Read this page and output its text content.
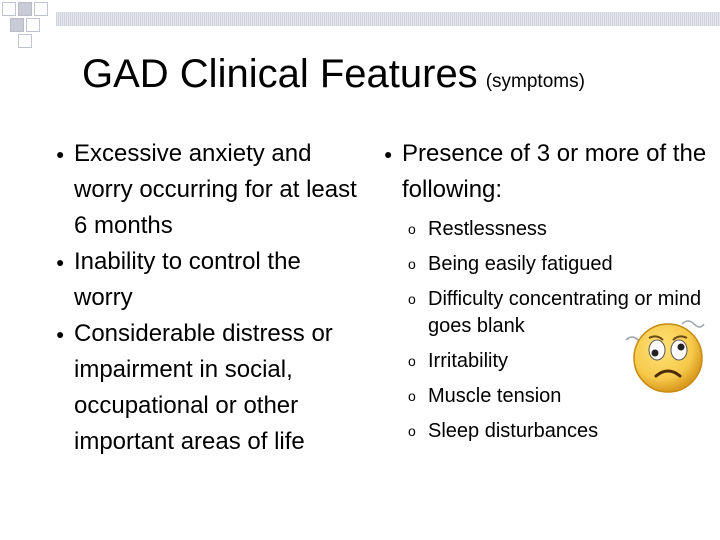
GAD Clinical Features (symptoms)
● Excessive anxiety and worry occurring for at least 6 months
● Inability to control the worry
● Considerable distress or impairment in social, occupational or other important areas of life
● Presence of 3 or more of the following:
o Restlessness
o Being easily fatigued
o Difficulty concentrating or mind goes blank
o Irritability
o Muscle tension
o Sleep disturbances
